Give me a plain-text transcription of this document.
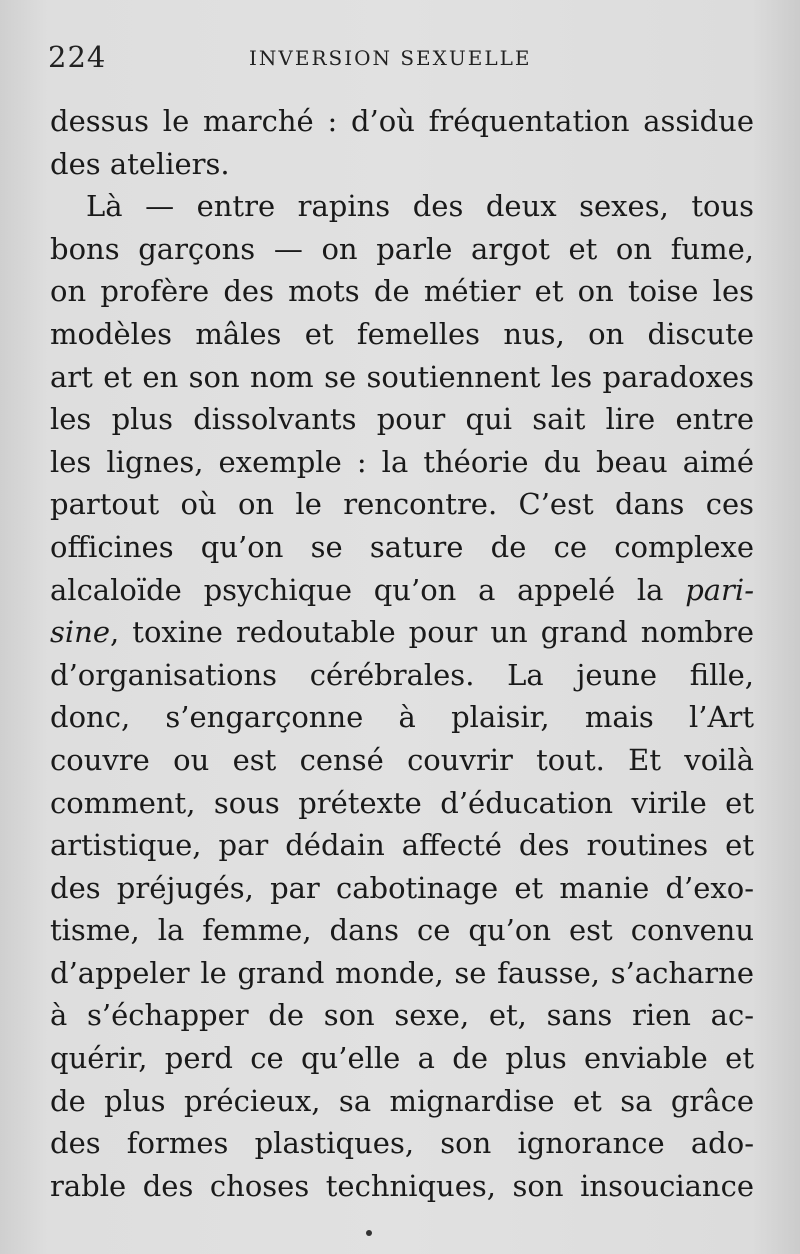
224	INVERSION SEXUELLE
dessus le marché : d’où fréquentation assidue
des ateliers.
Là — entre rapins des deux sexes, tous
bons garçons — on parle argot et on fume,
on profère des mots de métier et on toise les
modèles mâles et femelles nus, on discute
art et en son nom se soutiennent les paradoxes
les plus dissolvants pour qui sait lire entre
les lignes, exemple : la théorie du beau aimé
partout où on le rencontre. C’est dans ces
officines qu’on se sature de ce complexe
alcaloïde psychique qu’on a appelé la pari-
sine, toxine redoutable pour un grand nombre
d’organisations cérébrales. La jeune fille,
donc, s’engarçonne à plaisir, mais l’Art
couvre ou est censé couvrir tout. Et voilà
comment, sous prétexte d’éducation virile et
artistique, par dédain affecté des routines et
des préjugés, par cabotinage et manie d’exo-
tisme, la femme, dans ce qu’on est convenu
d’appeler le grand monde, se fausse, s’acharne
à s’échapper de son sexe, et, sans rien ac-
quérir, perd ce qu’elle a de plus enviable et
de plus précieux, sa mignardise et sa grâce
des formes plastiques, son ignorance ado-
rable des choses techniques, son insouciance
